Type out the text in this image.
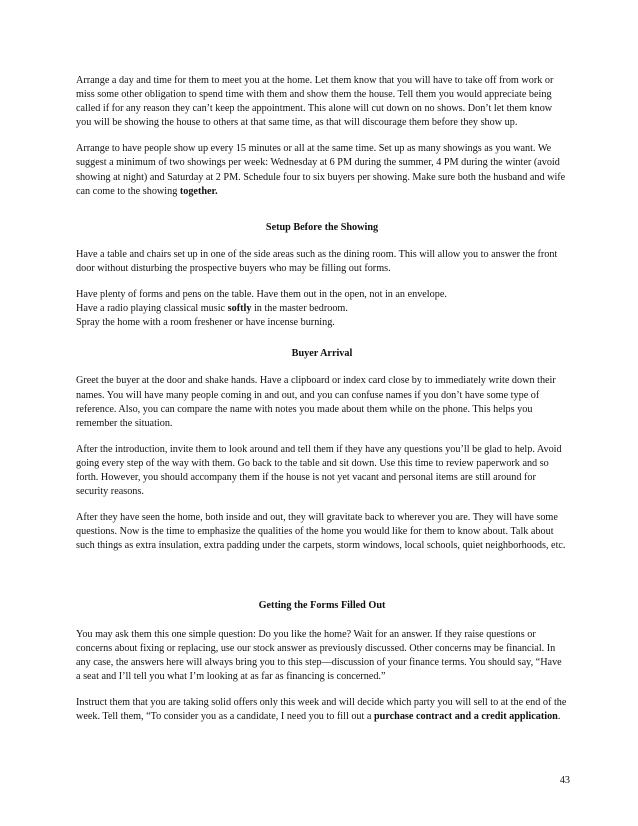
Arrange a day and time for them to meet you at the home. Let them know that you will have to take off from work or miss some other obligation to spend time with them and show them the house. Tell them you would appreciate being called if for any reason they can’t keep the appointment. This alone will cut down on no shows. Don’t let them know you will be showing the house to others at that same time, as that will discourage them before they show up.

Arrange to have people show up every 15 minutes or all at the same time. Set up as many showings as you want. We suggest a minimum of two showings per week: Wednesday at 6 PM during the summer, 4 PM during the winter (avoid showing at night) and Saturday at 2 PM. Schedule four to six buyers per showing. Make sure both the husband and wife can come to the showing together.

Setup Before the Showing

Have a table and chairs set up in one of the side areas such as the dining room. This will allow you to answer the front door without disturbing the prospective buyers who may be filling out forms.

Have plenty of forms and pens on the table. Have them out in the open, not in an envelope.

Have a radio playing classical music softly in the master bedroom.

Spray the home with a room freshener or have incense burning.

Buyer Arrival

Greet the buyer at the door and shake hands. Have a clipboard or index card close by to immediately write down their names. You will have many people coming in and out, and you can confuse names if you don’t have some type of reference. Also, you can compare the name with notes you made about them while on the phone. This helps you remember the situation.

After the introduction, invite them to look around and tell them if they have any questions you’ll be glad to help. Avoid going every step of the way with them. Go back to the table and sit down. Use this time to review paperwork and so forth. However, you should accompany them if the house is not yet vacant and personal items are still around for security reasons.

After they have seen the home, both inside and out, they will gravitate back to wherever you are. They will have some questions. Now is the time to emphasize the qualities of the home you would like for them to know about. Talk about such things as extra insulation, extra padding under the carpets, storm windows, local schools, quiet neighborhoods, etc.

Getting the Forms Filled Out

You may ask them this one simple question: Do you like the home? Wait for an answer. If they raise questions or concerns about fixing or replacing, use our stock answer as previously discussed. Other concerns may be financial. In any case, the answers here will always bring you to this step—discussion of your finance terms. You should say, “Have a seat and I’ll tell you what I’m looking at as far as financing is concerned.”

Instruct them that you are taking solid offers only this week and will decide which party you will sell to at the end of the week. Tell them, “To consider you as a candidate, I need you to fill out a purchase contract and a credit application.

43
